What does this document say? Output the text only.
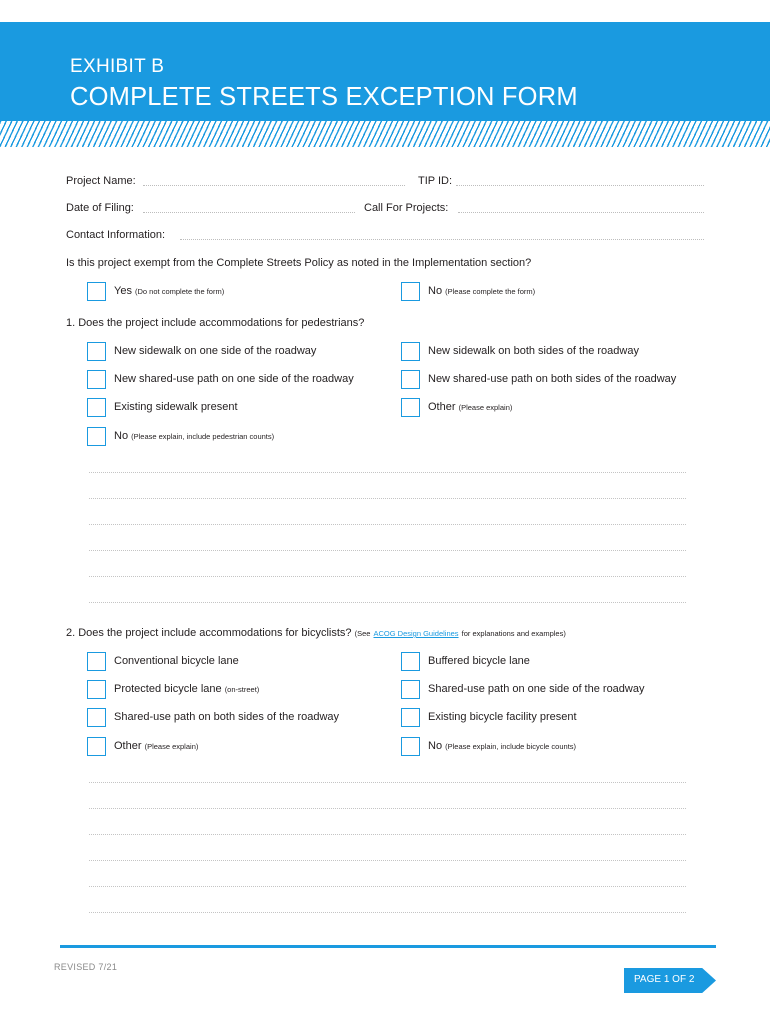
EXHIBIT B
COMPLETE STREETS EXCEPTION FORM
Project Name:	TIP ID:
Date of Filing:	Call For Projects:
Contact Information:
Is this project exempt from the Complete Streets Policy as noted in the Implementation section?
Yes (Do not complete the form)	No (Please complete the form)
1. Does the project include accommodations for pedestrians?
New sidewalk on one side of the roadway	New sidewalk on both sides of the roadway
New shared-use path on one side of the roadway	New shared-use path on both sides of the roadway
Existing sidewalk present	Other (Please explain)
No (Please explain, include pedestrian counts)
2. Does the project include accommodations for bicyclists? (See ACOG Design Guidelines for explanations and examples)
Conventional bicycle lane	Buffered bicycle lane
Protected bicycle lane (on-street)	Shared-use path on one side of the roadway
Shared-use path on both sides of the roadway	Existing bicycle facility present
Other (Please explain)	No (Please explain, include bicycle counts)
REVISED 7/21
PAGE 1 OF 2
